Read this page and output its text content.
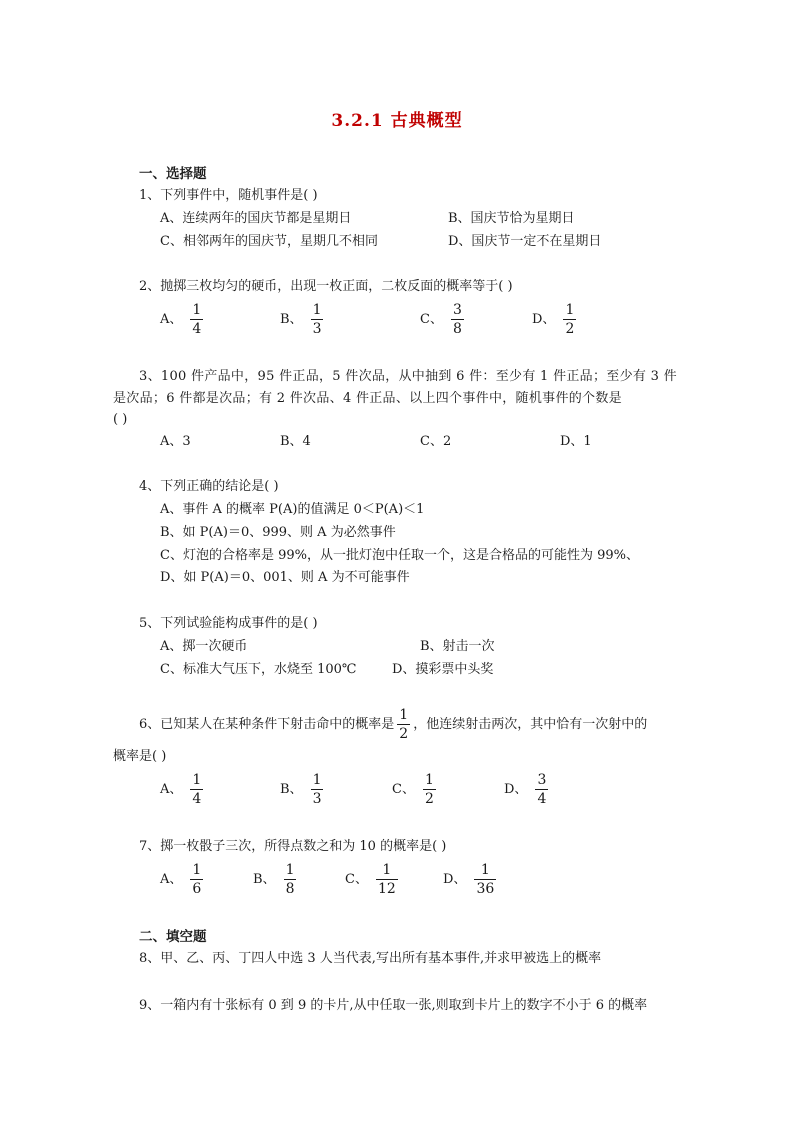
3.2.1 古典概型
一、选择题
1、下列事件中，随机事件是( )
A、连续两年的国庆节都是星期日	B、国庆节恰为星期日
C、相邻两年的国庆节，星期几不相同	D、国庆节一定不在星期日
2、抛掷三枚均匀的硬币，出现一枚正面，二枚反面的概率等于( )
A、 $\frac{1}{4}$	B、 $\frac{1}{3}$	C、 $\frac{3}{8}$	D、 $\frac{1}{2}$
3、100 件产品中，95 件正品，5 件次品，从中抽到 6 件：至少有 1 件正品；至少有 3 件
是次品；6 件都是次品；有 2 件次品、4 件正品、以上四个事件中，随机事件的个数是
( )
A、3	B、4	C、2	D、1
4、下列正确的结论是( )
A、事件 A 的概率 P(A)的值满足 0＜P(A)＜1
B、如 P(A)＝0、999、则 A 为必然事件
C、灯泡的合格率是 99%，从一批灯泡中任取一个，这是合格品的可能性为 99%、
D、如 P(A)＝0、001、则 A 为不可能事件
5、下列试验能构成事件的是( )
A、掷一次硬币	B、射击一次
C、标准大气压下，水烧至 100℃	D、摸彩票中头奖
6、已知某人在某种条件下射击命中的概率是 $\frac{1}{2}$ ，他连续射击两次，其中恰有一次射中的
概率是( )
A、 $\frac{1}{4}$	B、 $\frac{1}{3}$	C、 $\frac{1}{2}$	D、 $\frac{3}{4}$
7、掷一枚骰子三次，所得点数之和为 10 的概率是( )
A、 $\frac{1}{6}$	B、 $\frac{1}{8}$	C、 $\frac{1}{12}$	D、 $\frac{1}{36}$
二、填空题
8、甲、乙、丙、丁四人中选 3 人当代表,写出所有基本事件,并求甲被选上的概率
9、一箱内有十张标有 0 到 9 的卡片,从中任取一张,则取到卡片上的数字不小于 6 的概率
